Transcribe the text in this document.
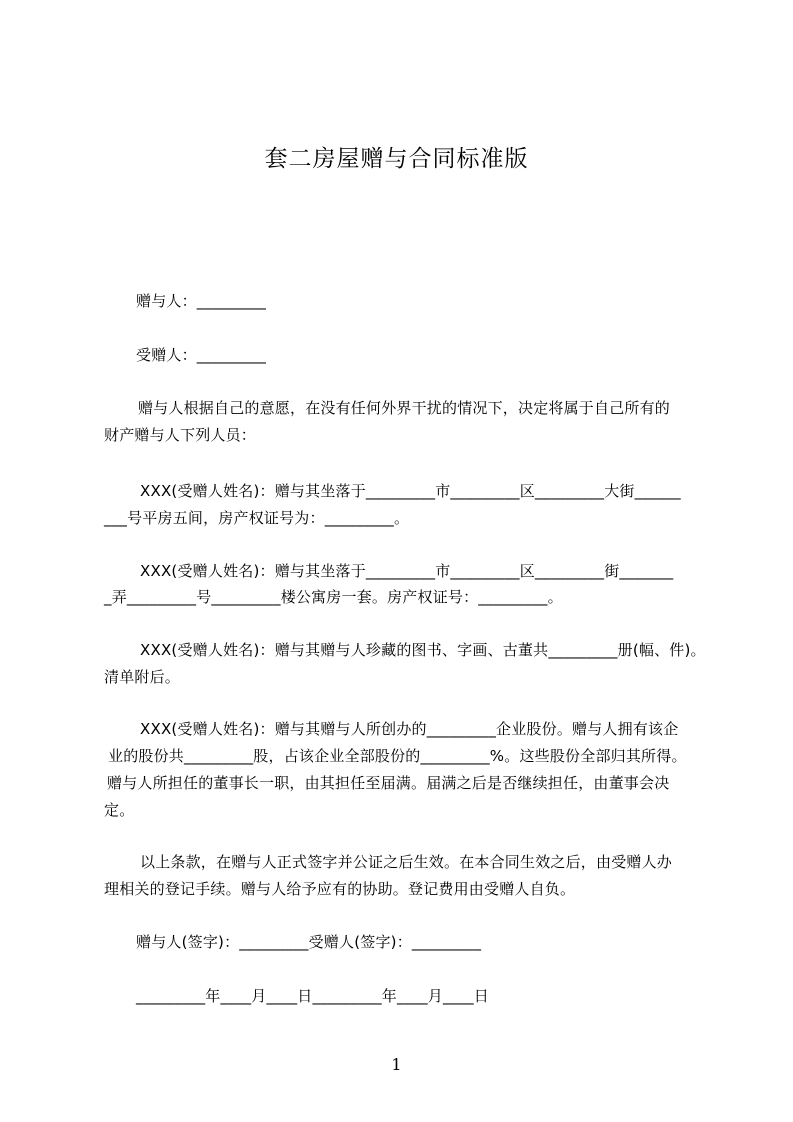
套二房屋赠与合同标准版
赠与人：_________
受赠人：_________
赠与人根据自己的意愿，在没有任何外界干扰的情况下，决定将属于自己所有的
财产赠与人下列人员：
XXX(受赠人姓名)：赠与其坐落于_________市_________区_________大街______
___号平房五间，房产权证号为：_________。
XXX(受赠人姓名)：赠与其坐落于_________市_________区_________街_______
_弄_________号_________楼公寓房一套。房产权证号：_________。
XXX(受赠人姓名)：赠与其赠与人珍藏的图书、字画、古董共_________册(幅、件)。
清单附后。
XXX(受赠人姓名)：赠与其赠与人所创办的_________企业股份。赠与人拥有该企
业的股份共_________股，占该企业全部股份的_________%。这些股份全部归其所得。
赠与人所担任的董事长一职，由其担任至届满。届满之后是否继续担任，由董事会决
定。
以上条款，在赠与人正式签字并公证之后生效。在本合同生效之后，由受赠人办
理相关的登记手续。赠与人给予应有的协助。登记费用由受赠人自负。
赠与人(签字)：_________受赠人(签字)：_________
_________年____月____日_________年____月____日
1
